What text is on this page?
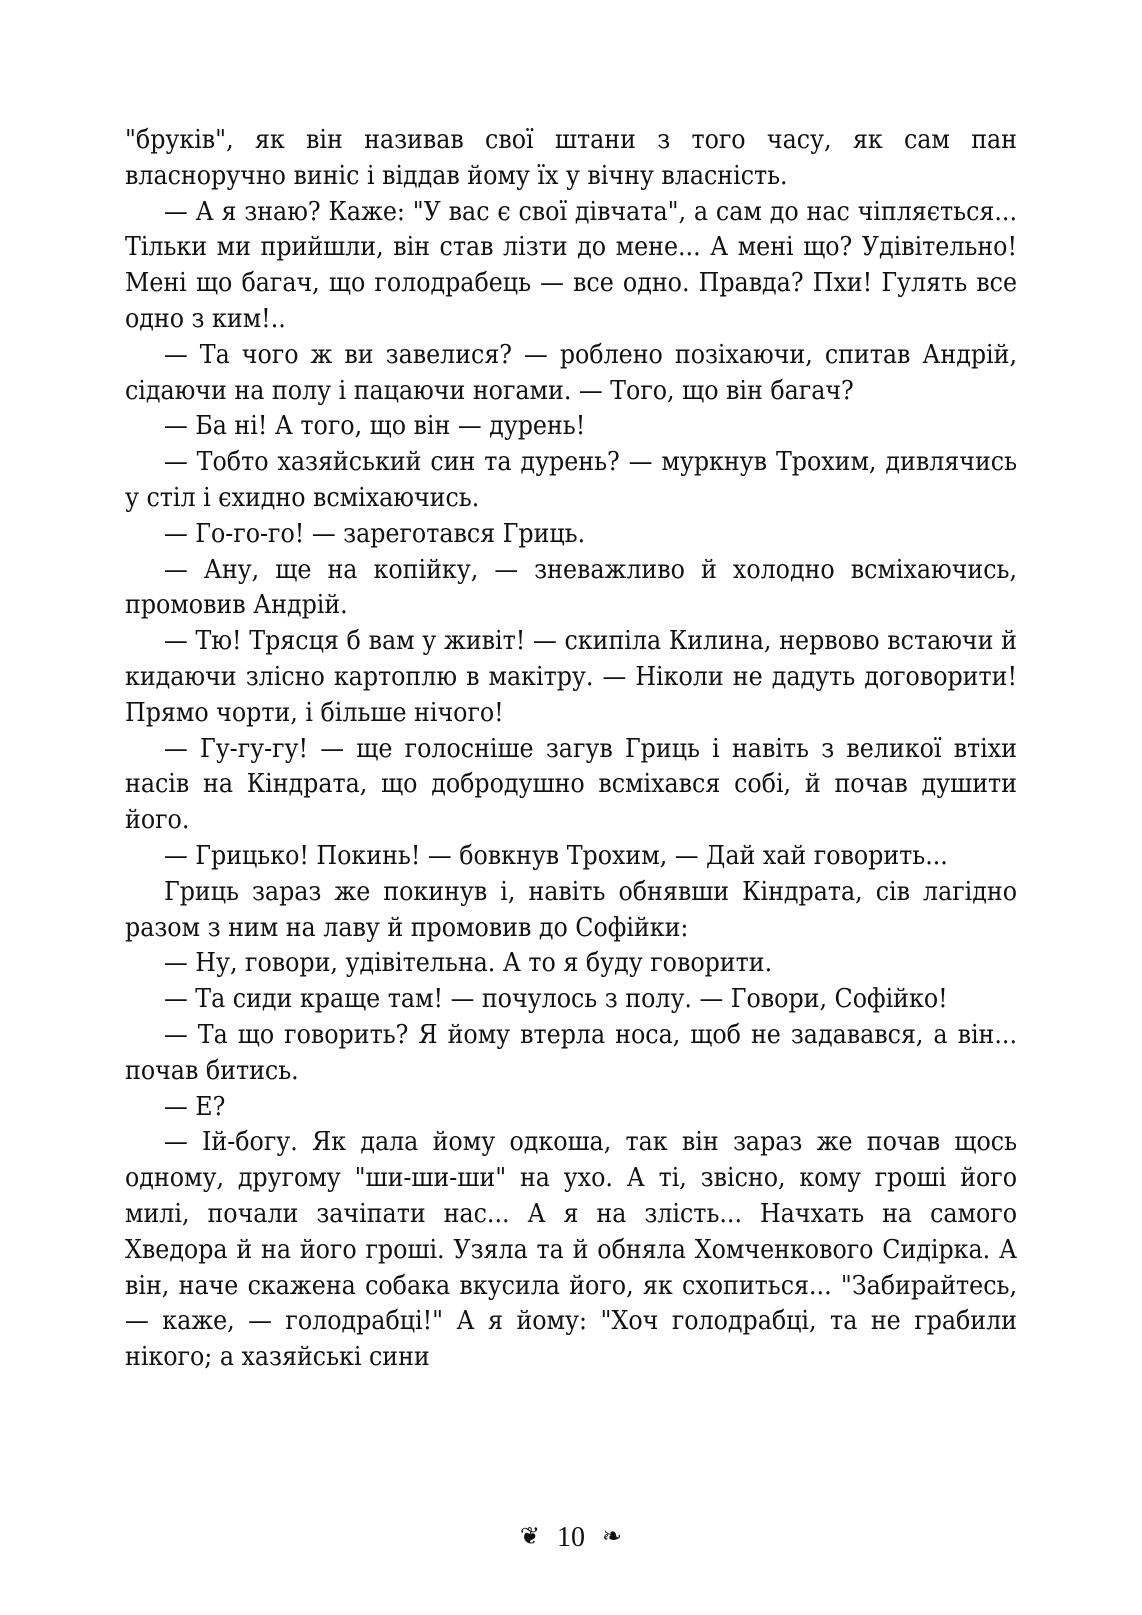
"бруків", як він називав свої штани з того часу, як сам пан власноручно виніс і віддав йому їх у вічну власність.

— А я знаю? Каже: "У вас є свої дівчата", а сам до нас чіпляється... Тільки ми прийшли, він став лізти до мене... А мені що? Удівітельно! Мені що багач, що голодрабець — все одно. Правда? Пхи! Гулять все одно з ким!..

— Та чого ж ви завелися? — роблено позіхаючи, спитав Андрій, сідаючи на полу і пацаючи ногами. — Того, що він багач?

— Ба ні! А того, що він — дурень!

— Тобто хазяйський син та дурень? — муркнув Трохим, дивлячись у стіл і єхидно всміхаючись.

— Го-го-го! — зареготався Гриць.

— Ану, ще на копійку, — зневажливо й холодно всміхаючись, промовив Андрій.

— Тю! Трясця б вам у живіт! — скипіла Килина, нервово встаючи й кидаючи злісно картоплю в макітру. — Ніколи не дадуть договорити! Прямо чорти, і більше нічого!

— Гу-гу-гу! — ще голосніше загув Гриць і навіть з великої втіхи насів на Кіндрата, що добродушно всміхався собі, й почав душити його.

— Грицько! Покинь! — бовкнув Трохим, — Дай хай говорить...

Гриць зараз же покинув і, навіть обнявши Кіндрата, сів лагідно разом з ним на лаву й промовив до Софійки:

— Ну, говори, удівітельна. А то я буду говорити.

— Та сиди краще там! — почулось з полу. — Говори, Софійко!

— Та що говорить? Я йому втерла носа, щоб не задавався, а він... почав битись.

— Е?

— Ій-богу. Як дала йому одкоша, так він зараз же почав щось одному, другому "ши-ши-ши" на ухо. А ті, звісно, кому гроші його милі, почали зачіпати нас... А я на злість... Начхать на самого Хведора й на його гроші. Узяла та й обняла Хомченкового Сидірка. А він, наче скажена собака вкусила його, як схопиться... "Забирайтесь, — каже, — голодрабці!" А я йому: "Хоч голодрабці, та не грабили нікого; а хазяйські сини

❦ 10 ❧
